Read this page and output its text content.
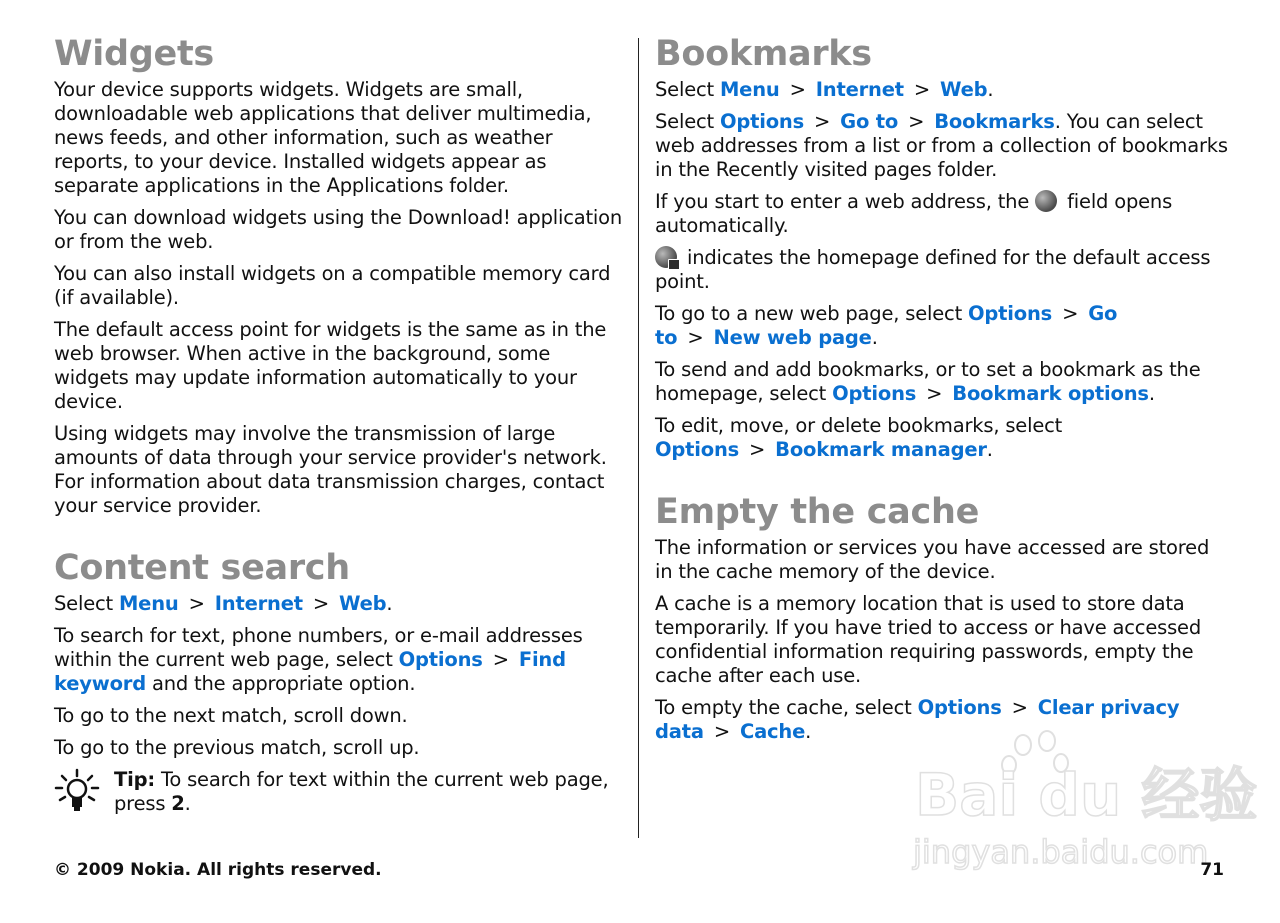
Widgets

Your device supports widgets. Widgets are small, downloadable web applications that deliver multimedia, news feeds, and other information, such as weather reports, to your device. Installed widgets appear as separate applications in the Applications folder.

You can download widgets using the Download! application or from the web.

You can also install widgets on a compatible memory card (if available).

The default access point for widgets is the same as in the web browser. When active in the background, some widgets may update information automatically to your device.

Using widgets may involve the transmission of large amounts of data through your service provider's network. For information about data transmission charges, contact your service provider.

Content search

Select Menu > Internet > Web.

To search for text, phone numbers, or e-mail addresses within the current web page, select Options > Find keyword and the appropriate option.

To go to the next match, scroll down.

To go to the previous match, scroll up.

Tip: To search for text within the current web page, press 2.

Bookmarks

Select Menu > Internet > Web.

Select Options > Go to > Bookmarks. You can select web addresses from a list or from a collection of bookmarks in the Recently visited pages folder.

If you start to enter a web address, the field opens automatically.

indicates the homepage defined for the default access point.

To go to a new web page, select Options > Go to > New web page.

To send and add bookmarks, or to set a bookmark as the homepage, select Options > Bookmark options.

To edit, move, or delete bookmarks, select Options > Bookmark manager.

Empty the cache

The information or services you have accessed are stored in the cache memory of the device.

A cache is a memory location that is used to store data temporarily. If you have tried to access or have accessed confidential information requiring passwords, empty the cache after each use.

To empty the cache, select Options > Clear privacy data > Cache.

Bai du 经验
jingyan.baidu.com
© 2009 Nokia. All rights reserved.	71
